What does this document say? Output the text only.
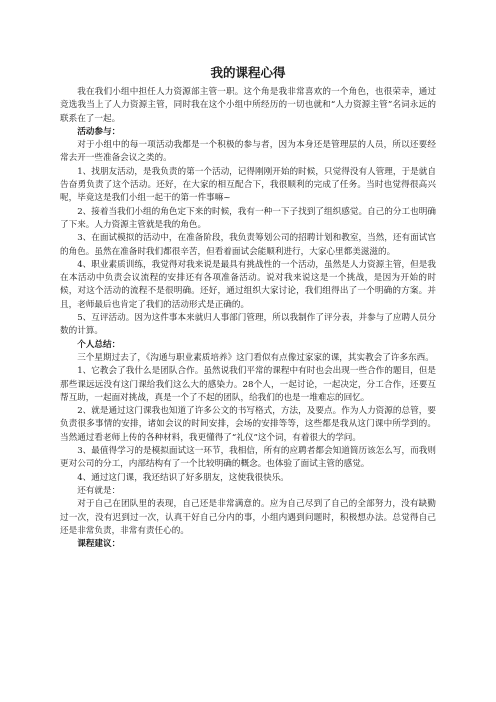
我的课程心得

我在我们小组中担任人力资源部主管一职。这个角是我非常喜欢的一个角色，也很荣幸，通过竞选我当上了人力资源主管，同时我在这个小组中所经历的一切也就和“人力资源主管”名词永远的联系在了一起。

活动参与：

对于小组中的每一项活动我都是一个积极的参与者，因为本身还是管理层的人员，所以还要经常去开一些准备会议之类的。

1、找朋友活动，是我负责的第一个活动，记得刚刚开始的时候，只觉得没有人管理，于是就自告奋勇负责了这个活动。还好，在大家的相互配合下，我很顺利的完成了任务。当时也觉得很高兴呢，毕竟这是我们小组一起干的第一件事嘛~

2、接着当我们小组的角色定下来的时候，我有一种一下子找到了组织感觉。自己的分工也明确了下来。人力资源主管就是我的角色。

3、在面试模拟的活动中，在准备阶段，我负责筹划公司的招聘计划和教室，当然，还有面试官的角色。虽然在准备时我们都很辛苦，但看着面试会能顺利进行，大家心里都美滋滋的。

4、职业素质训练，我觉得对我来说是最具有挑战性的一个活动，虽然是人力资源主管，但是我在本活动中负责会议流程的安排还有各项准备活动。说对我来说这是一个挑战，是因为开始的时候，对这个活动的流程不是很明确。还好，通过组织大家讨论，我们组得出了一个明确的方案。并且，老师最后也肯定了我们的活动形式是正确的。

5、互评活动。因为这件事本来就归人事部门管理，所以我制作了评分表，并参与了应聘人员分数的计算。

个人总结：

三个星期过去了，《沟通与职业素质培养》这门看似有点像过家家的课，其实教会了许多东西。

1、它教会了我什么是团队合作。虽然说我们平常的课程中有时也会出现一些合作的题目，但是那些课远远没有这门课给我们这么大的感染力。28个人，一起讨论，一起决定，分工合作，还要互帮互助，一起面对挑战，真是一个了不起的团队，给我们的也是一堆难忘的回忆。

2、就是通过这门课我也知道了许多公文的书写格式，方法，及要点。作为人力资源的总管，要负责很多事情的安排，诸如会议的时间安排，会场的安排等等，这些都是我从这门课中所学到的。当然通过看老师上传的各种材料，我更懂得了“礼仪”这个词，有着很大的学问。

3、最值得学习的是模拟面试这一环节，我相信，所有的应聘者都会知道简历该怎么写，而我则更对公司的分工，内部结构有了一个比较明确的概念。也体验了面试主管的感觉。

4、通过这门课，我还结识了好多朋友，这使我很快乐。

还有就是：

对于自己在团队里的表现，自己还是非常满意的。应为自己尽到了自己的全部努力，没有缺勤过一次，没有迟到过一次，认真干好自己分内的事，小组内遇到问题时，积极想办法。总觉得自己还是非常负责，非常有责任心的。

课程建议：
